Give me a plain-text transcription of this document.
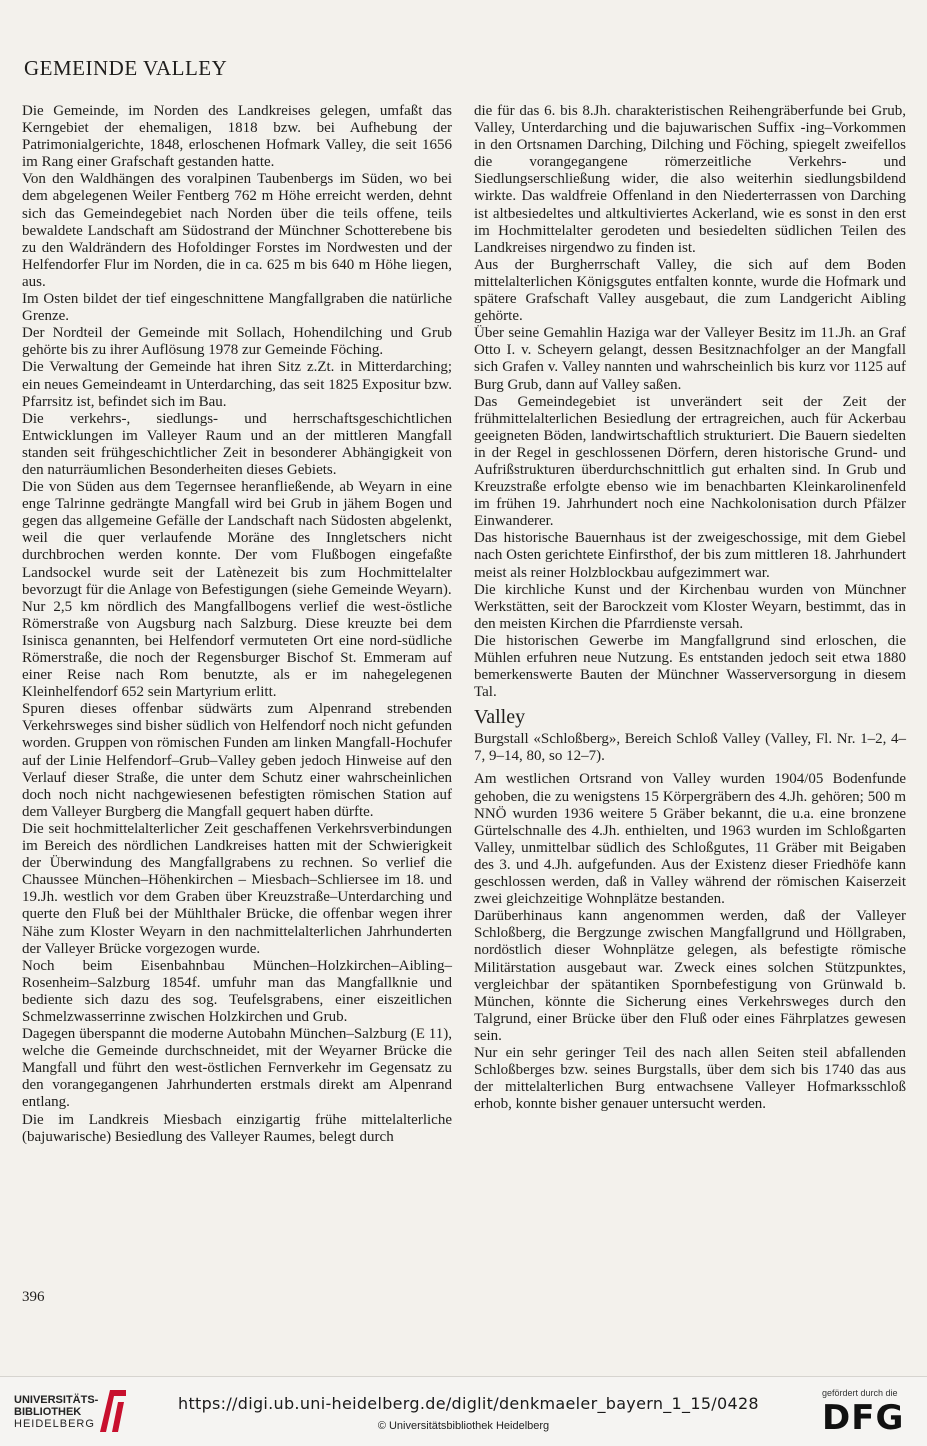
GEMEINDE VALLEY

Die Gemeinde, im Norden des Landkreises gelegen, umfaßt das Kerngebiet der ehemaligen, 1818 bzw. bei Aufhebung der Patrimonialgerichte, 1848, erloschenen Hofmark Valley, die seit 1656 im Rang einer Grafschaft gestanden hatte.

Von den Waldhängen des voralpinen Taubenbergs im Süden, wo bei dem abgelegenen Weiler Fentberg 762 m Höhe erreicht werden, dehnt sich das Gemeindegebiet nach Norden über die teils offene, teils bewaldete Landschaft am Südostrand der Münchner Schotterebene bis zu den Waldrändern des Hofoldinger Forstes im Nordwesten und der Helfendorfer Flur im Norden, die in ca. 625 m bis 640 m Höhe liegen, aus.

Im Osten bildet der tief eingeschnittene Mangfallgraben die natürliche Grenze.

Der Nordteil der Gemeinde mit Sollach, Hohendilching und Grub gehörte bis zu ihrer Auflösung 1978 zur Gemeinde Föching.

Die Verwaltung der Gemeinde hat ihren Sitz z.Zt. in Mitterdarching; ein neues Gemeindeamt in Unterdarching, das seit 1825 Expositur bzw. Pfarrsitz ist, befindet sich im Bau.

Die verkehrs-, siedlungs- und herrschaftsgeschichtlichen Entwicklungen im Valleyer Raum und an der mittleren Mangfall standen seit frühgeschichtlicher Zeit in besonderer Abhängigkeit von den naturräumlichen Besonderheiten dieses Gebiets.

Die von Süden aus dem Tegernsee heranfließende, ab Weyarn in eine enge Talrinne gedrängte Mangfall wird bei Grub in jähem Bogen und gegen das allgemeine Gefälle der Landschaft nach Südosten abgelenkt, weil die quer verlaufende Moräne des Inngletschers nicht durchbrochen werden konnte. Der vom Flußbogen eingefaßte Landsockel wurde seit der Latènezeit bis zum Hochmittelalter bevorzugt für die Anlage von Befestigungen (siehe Gemeinde Weyarn).

Nur 2,5 km nördlich des Mangfallbogens verlief die west-östliche Römerstraße von Augsburg nach Salzburg. Diese kreuzte bei dem Isinisca genannten, bei Helfendorf vermuteten Ort eine nord-südliche Römerstraße, die noch der Regensburger Bischof St. Emmeram auf einer Reise nach Rom benutzte, als er im nahegelegenen Kleinhelfendorf 652 sein Martyrium erlitt.

Spuren dieses offenbar südwärts zum Alpenrand strebenden Verkehrsweges sind bisher südlich von Helfendorf noch nicht gefunden worden. Gruppen von römischen Funden am linken Mangfall-Hochufer auf der Linie Helfendorf–Grub–Valley geben jedoch Hinweise auf den Verlauf dieser Straße, die unter dem Schutz einer wahrscheinlichen doch noch nicht nachgewiesenen befestigten römischen Station auf dem Valleyer Burgberg die Mangfall gequert haben dürfte.

Die seit hochmittelalterlicher Zeit geschaffenen Verkehrsverbindungen im Bereich des nördlichen Landkreises hatten mit der Schwierigkeit der Überwindung des Mangfallgrabens zu rechnen. So verlief die Chaussee München–Höhenkirchen – Miesbach–Schliersee im 18. und 19.Jh. westlich vor dem Graben über Kreuzstraße–Unterdarching und querte den Fluß bei der Mühlthaler Brücke, die offenbar wegen ihrer Nähe zum Kloster Weyarn in den nachmittelalterlichen Jahrhunderten der Valleyer Brücke vorgezogen wurde.

Noch beim Eisenbahnbau München–Holzkirchen–Aibling–Rosenheim–Salzburg 1854f. umfuhr man das Mangfallknie und bediente sich dazu des sog. Teufelsgrabens, einer eiszeitlichen Schmelzwasserrinne zwischen Holzkirchen und Grub.

Dagegen überspannt die moderne Autobahn München–Salzburg (E 11), welche die Gemeinde durchschneidet, mit der Weyarner Brücke die Mangfall und führt den west-östlichen Fernverkehr im Gegensatz zu den vorangegangenen Jahrhunderten erstmals direkt am Alpenrand entlang.

Die im Landkreis Miesbach einzigartig frühe mittelalterliche (bajuwarische) Besiedlung des Valleyer Raumes, belegt durch

die für das 6. bis 8.Jh. charakteristischen Reihengräberfunde bei Grub, Valley, Unterdarching und die bajuwarischen Suffix -ing–Vorkommen in den Ortsnamen Darching, Dilching und Föching, spiegelt zweifellos die vorangegangene römerzeitliche Verkehrs- und Siedlungserschließung wider, die also weiterhin siedlungsbildend wirkte. Das waldfreie Offenland in den Niederterrassen von Darching ist altbesiedeltes und altkultiviertes Ackerland, wie es sonst in den erst im Hochmittelalter gerodeten und besiedelten südlichen Teilen des Landkreises nirgendwo zu finden ist.

Aus der Burgherrschaft Valley, die sich auf dem Boden mittelalterlichen Königsgutes entfalten konnte, wurde die Hofmark und spätere Grafschaft Valley ausgebaut, die zum Landgericht Aibling gehörte.

Über seine Gemahlin Haziga war der Valleyer Besitz im 11.Jh. an Graf Otto I. v. Scheyern gelangt, dessen Besitznachfolger an der Mangfall sich Grafen v. Valley nannten und wahrscheinlich bis kurz vor 1125 auf Burg Grub, dann auf Valley saßen.

Das Gemeindegebiet ist unverändert seit der Zeit der frühmittelalterlichen Besiedlung der ertragreichen, auch für Ackerbau geeigneten Böden, landwirtschaftlich strukturiert. Die Bauern siedelten in der Regel in geschlossenen Dörfern, deren historische Grund- und Aufrißstrukturen überdurchschnittlich gut erhalten sind. In Grub und Kreuzstraße erfolgte ebenso wie im benachbarten Kleinkarolinenfeld im frühen 19. Jahrhundert noch eine Nachkolonisation durch Pfälzer Einwanderer.

Das historische Bauernhaus ist der zweigeschossige, mit dem Giebel nach Osten gerichtete Einfirsthof, der bis zum mittleren 18. Jahrhundert meist als reiner Holzblockbau aufgezimmert war.

Die kirchliche Kunst und der Kirchenbau wurden von Münchner Werkstätten, seit der Barockzeit vom Kloster Weyarn, bestimmt, das in den meisten Kirchen die Pfarrdienste versah.

Die historischen Gewerbe im Mangfallgrund sind erloschen, die Mühlen erfuhren neue Nutzung. Es entstanden jedoch seit etwa 1880 bemerkenswerte Bauten der Münchner Wasserversorgung in diesem Tal.

Valley

Burgstall «Schloßberg», Bereich Schloß Valley (Valley, Fl. Nr. 1–2, 4–7, 9–14, 80, so 12–7).

Am westlichen Ortsrand von Valley wurden 1904/05 Bodenfunde gehoben, die zu wenigstens 15 Körpergräbern des 4.Jh. gehören; 500 m NNÖ wurden 1936 weitere 5 Gräber bekannt, die u.a. eine bronzene Gürtelschnalle des 4.Jh. enthielten, und 1963 wurden im Schloßgarten Valley, unmittelbar südlich des Schloßgutes, 11 Gräber mit Beigaben des 3. und 4.Jh. aufgefunden. Aus der Existenz dieser Friedhöfe kann geschlossen werden, daß in Valley während der römischen Kaiserzeit zwei gleichzeitige Wohnplätze bestanden.

Darüberhinaus kann angenommen werden, daß der Valleyer Schloßberg, die Bergzunge zwischen Mangfallgrund und Höllgraben, nordöstlich dieser Wohnplätze gelegen, als befestigte römische Militärstation ausgebaut war. Zweck eines solchen Stützpunktes, vergleichbar der spätantiken Spornbefestigung von Grünwald b. München, könnte die Sicherung eines Verkehrsweges durch den Talgrund, einer Brücke über den Fluß oder eines Fährplatzes gewesen sein.

Nur ein sehr geringer Teil des nach allen Seiten steil abfallenden Schloßberges bzw. seines Burgstalls, über dem sich bis 1740 das aus der mittelalterlichen Burg entwachsene Valleyer Hofmarksschloß erhob, konnte bisher genauer untersucht werden.

396
UNIVERSITÄTS-
BIBLIOTHEK
HEIDELBERG
https://digi.ub.uni-heidelberg.de/diglit/denkmaeler_bayern_1_15/0428
© Universitätsbibliothek Heidelberg
gefördert durch die
DFG
